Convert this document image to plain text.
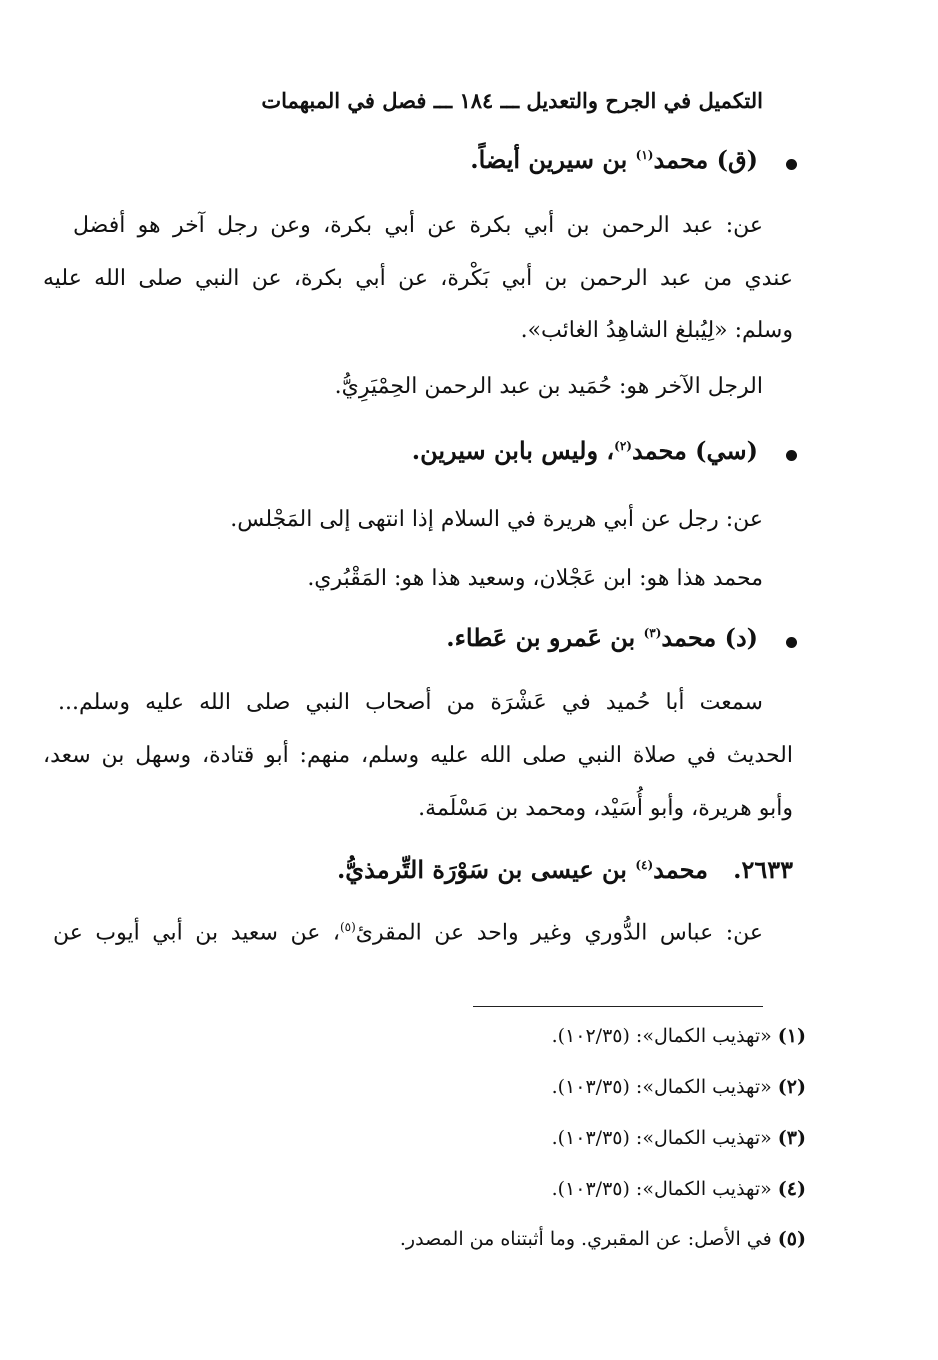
التكميل في الجرح والتعديل ـــ ١٨٤ ـــ فصل في المبهمات
(ق) محمد$^{(١)}$ بن سيرين أيضاً.
عن: عبد الرحمن بن أبي بكرة عن أبي بكرة، وعن رجل آخر هو أفضل
عندي من عبد الرحمن بن أبي بَكْرة، عن أبي بكرة، عن النبي صلى الله عليه
وسلم: «لِيُبلغ الشاهِدُ الغائب».
الرجل الآخر هو: حُمَيد بن عبد الرحمن الحِمْيَرِيُّ.
(سي) محمد$^{(٢)}$، وليس بابن سيرين.
عن: رجل عن أبي هريرة في السلام إذا انتهى إلى المَجْلس.
محمد هذا هو: ابن عَجْلان، وسعيد هذا هو: المَقْبُري.
(د) محمد$^{(٣)}$ بن عَمرو بن عَطاء.
سمعت أبا حُميد في عَشْرَة من أصحاب النبي صلى الله عليه وسلم...
الحديث في صلاة النبي صلى الله عليه وسلم، منهم: أبو قتادة، وسهل بن سعد،
وأبو هريرة، وأبو أُسَيْد، ومحمد بن مَسْلَمة.
٢٦٣٣.   محمد$^{(٤)}$ بن عيسى بن سَوْرَة التِّرمذيُّ.
عن: عباس الدُّوري وغير واحد عن المقرئ$^{(٥)}$، عن سعيد بن أبي أيوب عن
(١) «تهذيب الكمال»: (١٠٢/٣٥).
(٢) «تهذيب الكمال»: (١٠٣/٣٥).
(٣) «تهذيب الكمال»: (١٠٣/٣٥).
(٤) «تهذيب الكمال»: (١٠٣/٣٥).
(٥) في الأصل: عن المقبري. وما أثبتناه من المصدر.
